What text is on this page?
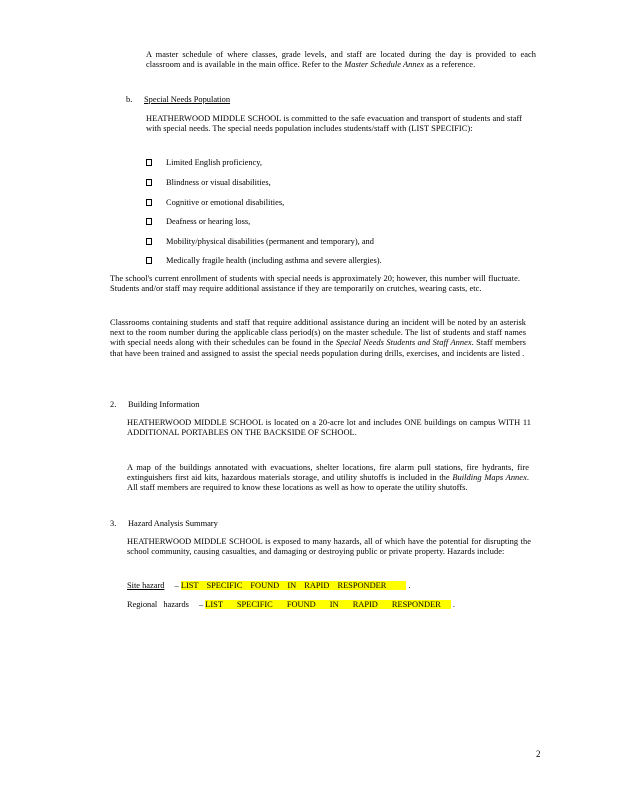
A master schedule of where classes, grade levels, and staff are located during the day is provided to each classroom and is available in the main office. Refer to the Master Schedule Annex as a reference.
b. Special Needs Population
HEATHERWOOD MIDDLE SCHOOL is committed to the safe evacuation and transport of students and staff with special needs. The special needs population includes students/staff with (LIST SPECIFIC):
Limited English proficiency,
Blindness or visual disabilities,
Cognitive or emotional disabilities,
Deafness or hearing loss,
Mobility/physical disabilities (permanent and temporary), and
Medically fragile health (including asthma and severe allergies).
The school's current enrollment of students with special needs is approximately 20; however, this number will fluctuate. Students and/or staff may require additional assistance if they are temporarily on crutches, wearing casts, etc.
Classrooms containing students and staff that require additional assistance during an incident will be noted by an asterisk next to the room number during the applicable class period(s) on the master schedule. The list of students and staff names with special needs along with their schedules can be found in the Special Needs Students and Staff Annex. Staff members that have been trained and assigned to assist the special needs population during drills, exercises, and incidents are listed .
2. Building Information
HEATHERWOOD MIDDLE SCHOOL is located on a 20-acre lot and includes ONE buildings on campus WITH 11 ADDITIONAL PORTABLES ON THE BACKSIDE OF SCHOOL.
A map of the buildings annotated with evacuations, shelter locations, fire alarm pull stations, fire hydrants, fire extinguishers first aid kits, hazardous materials storage, and utility shutoffs is included in the Building Maps Annex. All staff members are required to know these locations as well as how to operate the utility shutoffs.
3. Hazard Analysis Summary
HEATHERWOOD MIDDLE SCHOOL is exposed to many hazards, all of which have the potential for disrupting the school community, causing casualties, and damaging or destroying public or private property. Hazards include:
Site hazard – LIST SPECIFIC FOUND IN RAPID RESPONDER	.
Regional hazards – LIST SPECIFIC FOUND IN RAPID RESPONDER .
2
